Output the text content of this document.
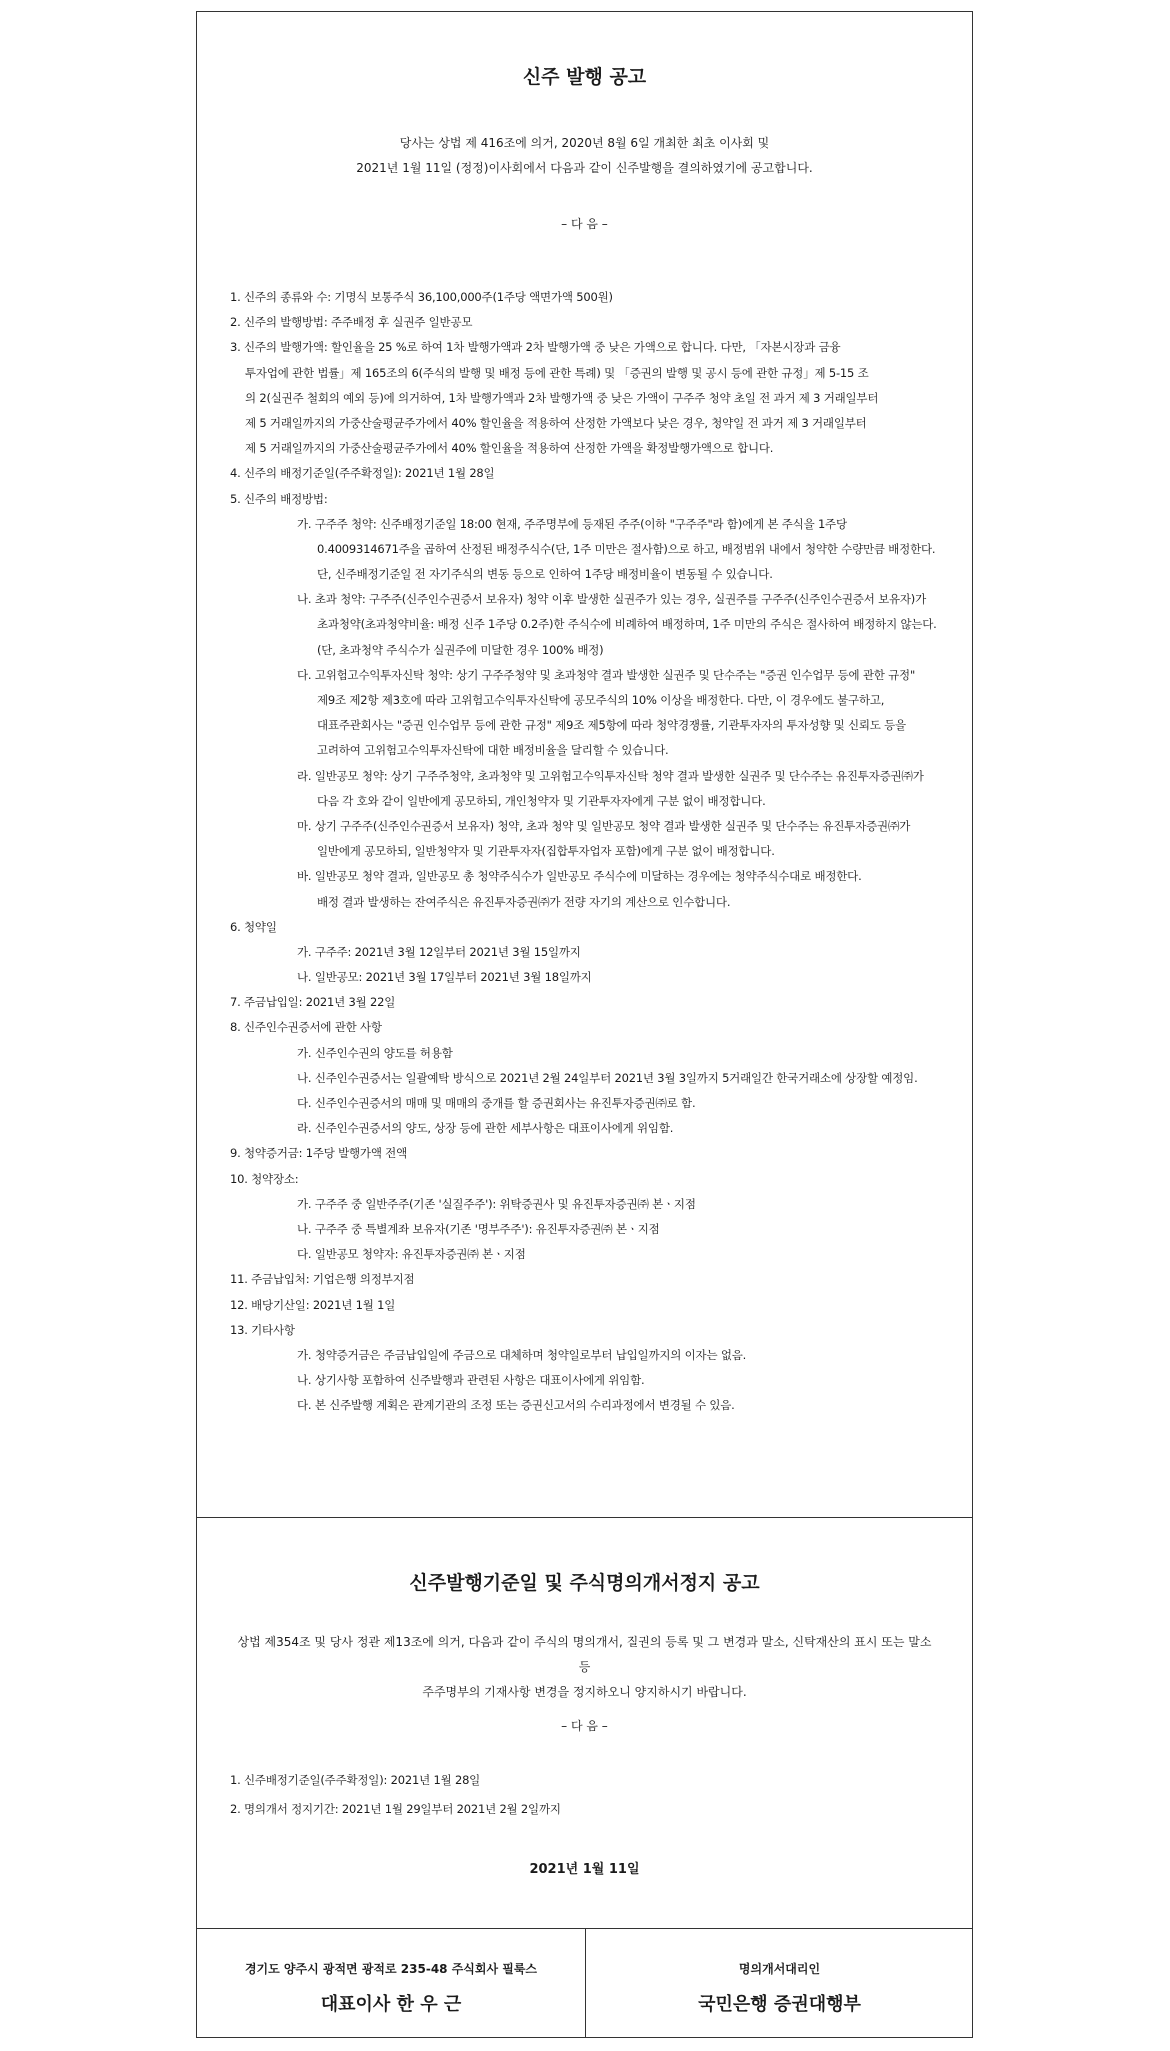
신주 발행 공고
당사는 상법 제 416조에 의거, 2020년 8월 6일 개최한 최초 이사회 및
2021년 1월 11일 (정정)이사회에서 다음과 같이 신주발행을 결의하였기에 공고합니다.
– 다 음 –
1. 신주의 종류와 수: 기명식 보통주식 36,100,000주(1주당 액면가액 500원)
2. 신주의 발행방법: 주주배정 후 실권주 일반공모
3. 신주의 발행가액: 할인율을 25 %로 하여 1차 발행가액과 2차 발행가액 중 낮은 가액으로 합니다. 다만, 「자본시장과 금융
투자업에 관한 법률」제 165조의 6(주식의 발행 및 배정 등에 관한 특례) 및 「증권의 발행 및 공시 등에 관한 규정」제 5-15 조
의 2(실권주 철회의 예외 등)에 의거하여, 1차 발행가액과 2차 발행가액 중 낮은 가액이 구주주 청약 초일 전 과거 제 3 거래일부터
제 5 거래일까지의 가중산술평균주가에서 40% 할인율을 적용하여 산정한 가액보다 낮은 경우, 청약일 전 과거 제 3 거래일부터
제 5 거래일까지의 가중산술평균주가에서 40% 할인율을 적용하여 산정한 가액을 확정발행가액으로 합니다.
4. 신주의 배정기준일(주주확정일): 2021년 1월 28일
5. 신주의 배정방법:
가. 구주주 청약: 신주배정기준일 18:00 현재, 주주명부에 등재된 주주(이하 "구주주"라 함)에게 본 주식을 1주당
0.4009314671주을 곱하여 산정된 배정주식수(단, 1주 미만은 절사함)으로 하고, 배정범위 내에서 청약한 수량만큼 배정한다.
단, 신주배정기준일 전 자기주식의 변동 등으로 인하여 1주당 배정비율이 변동될 수 있습니다.
나. 초과 청약: 구주주(신주인수권증서 보유자) 청약 이후 발생한 실권주가 있는 경우, 실권주를 구주주(신주인수권증서 보유자)가
초과청약(초과청약비율: 배정 신주 1주당 0.2주)한 주식수에 비례하여 배정하며, 1주 미만의 주식은 절사하여 배정하지 않는다.
(단, 초과청약 주식수가 실권주에 미달한 경우 100% 배정)
다. 고위험고수익투자신탁 청약: 상기 구주주청약 및 초과청약 결과 발생한 실권주 및 단수주는 "증권 인수업무 등에 관한 규정"
제9조 제2항 제3호에 따라 고위험고수익투자신탁에 공모주식의 10% 이상을 배정한다. 다만, 이 경우에도 불구하고,
대표주관회사는 "증권 인수업무 등에 관한 규정" 제9조 제5항에 따라 청약경쟁률, 기관투자자의 투자성향 및 신뢰도 등을
고려하여 고위험고수익투자신탁에 대한 배정비율을 달리할 수 있습니다.
라. 일반공모 청약: 상기 구주주청약, 초과청약 및 고위험고수익투자신탁 청약 결과 발생한 실권주 및 단수주는 유진투자증권㈜가
다음 각 호와 같이 일반에게 공모하되, 개인청약자 및 기관투자자에게 구분 없이 배정합니다.
마. 상기 구주주(신주인수권증서 보유자) 청약, 초과 청약 및 일반공모 청약 결과 발생한 실권주 및 단수주는 유진투자증권㈜가
일반에게 공모하되, 일반청약자 및 기관투자자(집합투자업자 포함)에게 구분 없이 배정합니다.
바. 일반공모 청약 결과, 일반공모 총 청약주식수가 일반공모 주식수에 미달하는 경우에는 청약주식수대로 배정한다.
배정 결과 발생하는 잔여주식은 유진투자증권㈜가 전량 자기의 계산으로 인수합니다.
6. 청약일
가. 구주주: 2021년 3월 12일부터 2021년 3월 15일까지
나. 일반공모: 2021년 3월 17일부터 2021년 3월 18일까지
7. 주금납입일: 2021년 3월 22일
8. 신주인수권증서에 관한 사항
가. 신주인수권의 양도를 허용함
나. 신주인수권증서는 일괄예탁 방식으로 2021년 2월 24일부터 2021년 3월 3일까지 5거래일간 한국거래소에 상장할 예정임.
다. 신주인수권증서의 매매 및 매매의 중개를 할 증권회사는 유진투자증권㈜로 함.
라. 신주인수권증서의 양도, 상장 등에 관한 세부사항은 대표이사에게 위임함.
9. 청약증거금: 1주당 발행가액 전액
10. 청약장소:
가. 구주주 중 일반주주(기존 '실질주주'): 위탁증권사 및 유진투자증권㈜ 본ㆍ지점
나. 구주주 중 특별계좌 보유자(기존 '명부주주'): 유진투자증권㈜ 본ㆍ지점
다. 일반공모 청약자: 유진투자증권㈜ 본ㆍ지점
11. 주금납입처: 기업은행 의정부지점
12. 배당기산일: 2021년 1월 1일
13. 기타사항
가. 청약증거금은 주금납입일에 주금으로 대체하며 청약일로부터 납입일까지의 이자는 없음.
나. 상기사항 포함하여 신주발행과 관련된 사항은 대표이사에게 위임함.
다. 본 신주발행 계획은 관계기관의 조정 또는 증권신고서의 수리과정에서 변경될 수 있음.
신주발행기준일 및 주식명의개서정지 공고
상법 제354조 및 당사 정관 제13조에 의거, 다음과 같이 주식의 명의개서, 질권의 등록 및 그 변경과 말소, 신탁재산의 표시 또는 말소 등
주주명부의 기재사항 변경을 정지하오니 양지하시기 바랍니다.
– 다 음 –
1. 신주배정기준일(주주확정일): 2021년 1월 28일
2. 명의개서 정지기간: 2021년 1월 29일부터 2021년 2월 2일까지
2021년 1월 11일
경기도 양주시 광적면 광적로 235-48 주식회사 필룩스
대표이사 한 우 근
명의개서대리인
국민은행 증권대행부
